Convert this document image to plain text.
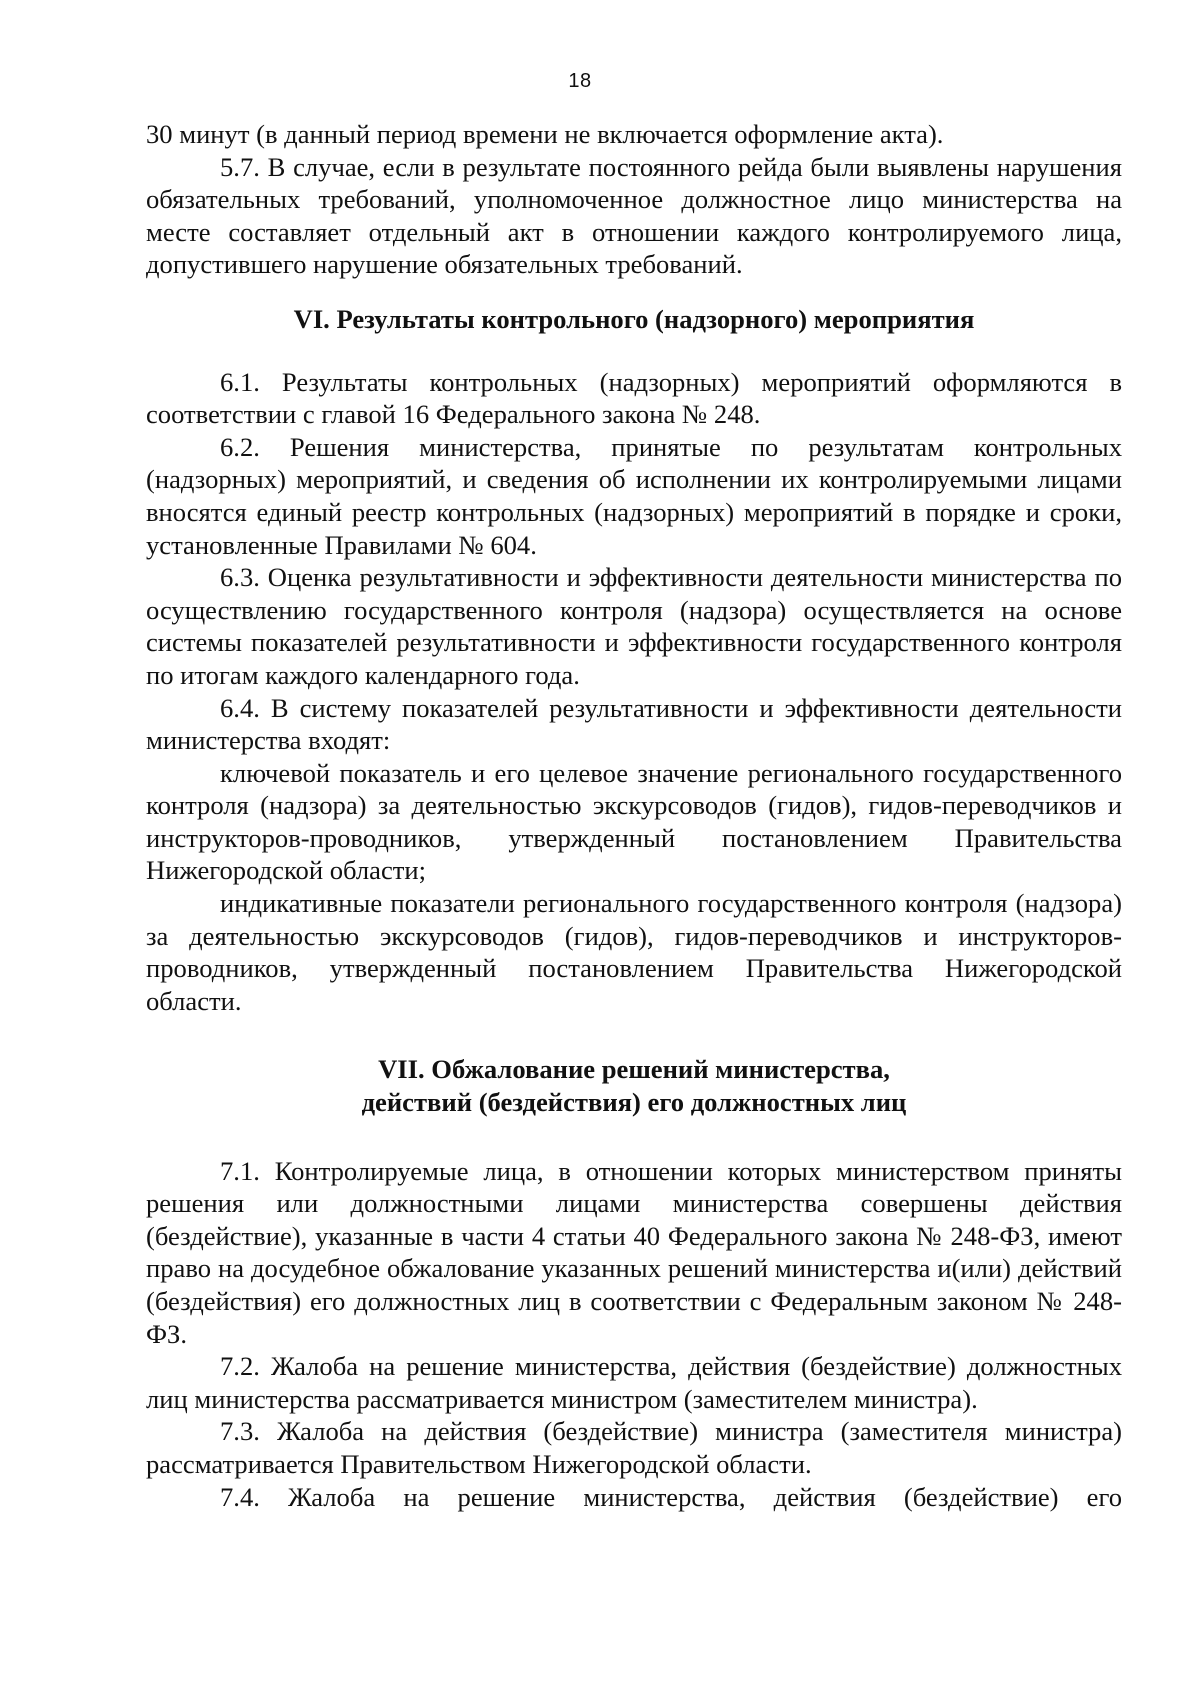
18

30 минут (в данный период времени не включается оформление акта).

5.7. В случае, если в результате постоянного рейда были выявлены нарушения обязательных требований, уполномоченное должностное лицо министерства на месте составляет отдельный акт в отношении каждого контролируемого лица, допустившего нарушение обязательных требований.

VI. Результаты контрольного (надзорного) мероприятия

6.1. Результаты контрольных (надзорных) мероприятий оформляются в соответствии с главой 16 Федерального закона № 248.

6.2. Решения министерства, принятые по результатам контрольных (надзорных) мероприятий, и сведения об исполнении их контролируемыми лицами вносятся единый реестр контрольных (надзорных) мероприятий в порядке и сроки, установленные Правилами № 604.

6.3. Оценка результативности и эффективности деятельности министерства по осуществлению государственного контроля (надзора) осуществляется на основе системы показателей результативности и эффективности государственного контроля по итогам каждого календарного года.

6.4. В систему показателей результативности и эффективности деятельности министерства входят:

ключевой показатель и его целевое значение регионального государственного контроля (надзора) за деятельностью экскурсоводов (гидов), гидов-переводчиков и инструкторов-проводников, утвержденный постановлением Правительства Нижегородской области;

индикативные показатели регионального государственного контроля (надзора) за деятельностью экскурсоводов (гидов), гидов-переводчиков и инструкторов-проводников, утвержденный постановлением Правительства Нижегородской области.

VII. Обжалование решений министерства,
действий (бездействия) его должностных лиц

7.1. Контролируемые лица, в отношении которых министерством приняты решения или должностными лицами министерства совершены действия (бездействие), указанные в части 4 статьи 40 Федерального закона № 248-ФЗ, имеют право на досудебное обжалование указанных решений министерства и(или) действий (бездействия) его должностных лиц в соответствии с Федеральным законом № 248-ФЗ.

7.2. Жалоба на решение министерства, действия (бездействие) должностных лиц министерства рассматривается министром (заместителем министра).

7.3. Жалоба на действия (бездействие) министра (заместителя министра) рассматривается Правительством Нижегородской области.

7.4. Жалоба на решение министерства, действия (бездействие) его
